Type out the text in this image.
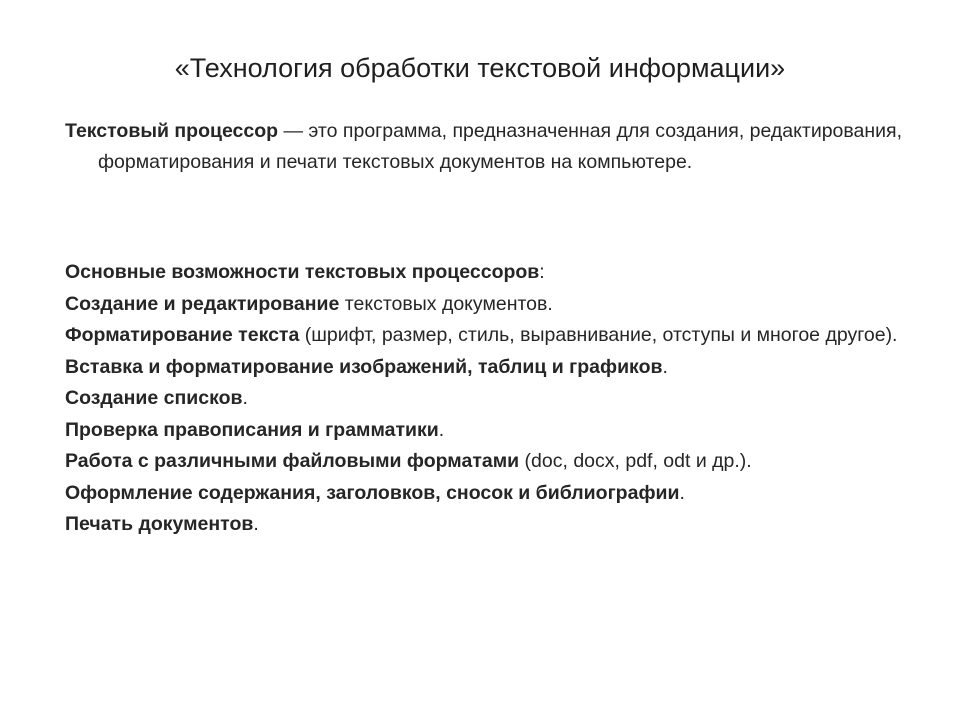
«Технология обработки текстовой информации»
Текстовый процессор — это программа, предназначенная для создания, редактирования, форматирования и печати текстовых документов на компьютере.

Основные возможности текстовых процессоров:

Создание и редактирование текстовых документов.

Форматирование текста (шрифт, размер, стиль, выравнивание, отступы и многое другое).

Вставка и форматирование изображений, таблиц и графиков.

Создание списков.

Проверка правописания и грамматики.

Работа с различными файловыми форматами (doc, docx, pdf, odt и др.).

Оформление содержания, заголовков, сносок и библиографии.

Печать документов.
